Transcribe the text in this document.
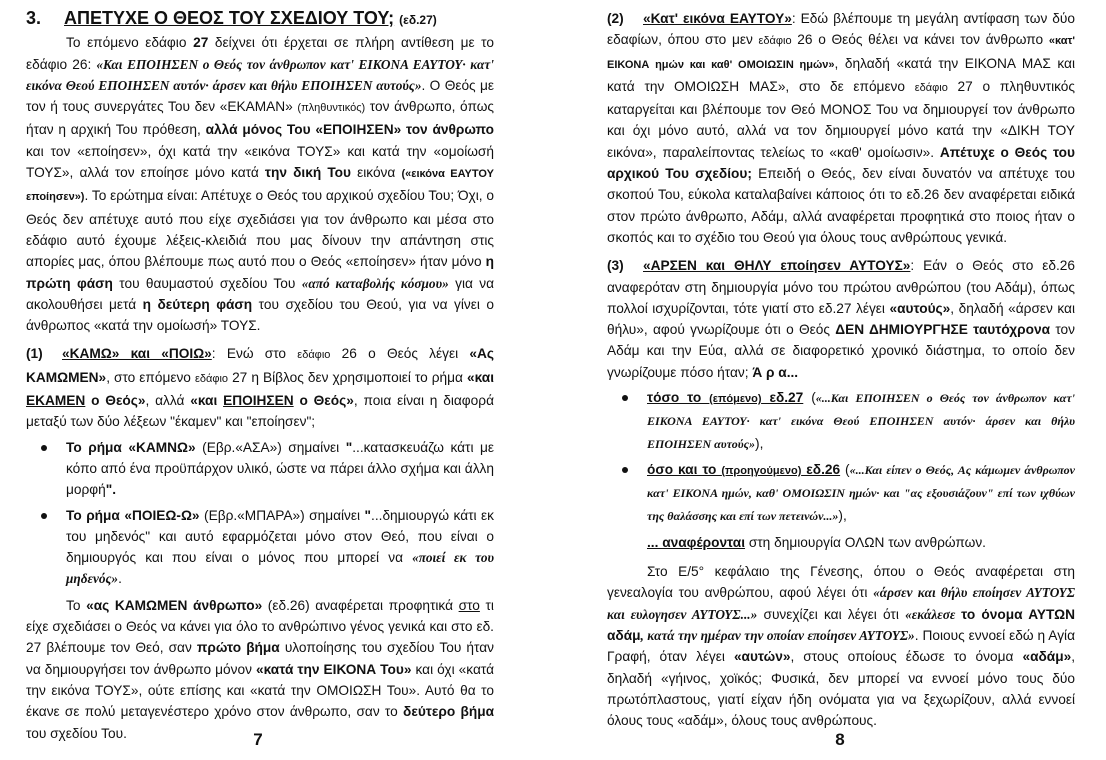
3. ΑΠΕΤΥΧΕ Ο ΘΕΟΣ ΤΟΥ ΣΧΕΔΙΟΥ ΤΟΥ; (εδ.27)

Το επόμενο εδάφιο 27 δείχνει ότι έρχεται σε πλήρη αντίθεση με το εδάφιο 26: «Και ΕΠΟΙΗΣΕΝ ο Θεός τον άνθρωπον κατ' ΕΙΚΟΝΑ ΕΑΥΤΟΥ· κατ' εικόνα Θεού ΕΠΟΙΗΣΕΝ αυτόν· άρσεν και θήλυ ΕΠΟΙΗΣΕΝ αυτούς». Ο Θεός με τον ή τους συνεργάτες Του δεν «ΕΚΑΜΑΝ» (πληθυντικός) τον άνθρωπο, όπως ήταν η αρχική Του πρόθεση, αλλά μόνος Του «ΕΠΟΙΗΣΕΝ» τον άνθρωπο και τον «εποίησεν», όχι κατά την «εικόνα ΤΟΥΣ» και κατά την «ομοίωσή ΤΟΥΣ», αλλά τον εποίησε μόνο κατά την δική Του εικόνα («εικόνα ΕΑΥΤΟΥ εποίησεν»). Το ερώτημα είναι: Απέτυχε ο Θεός του αρχικού σχεδίου Του; Όχι, ο Θεός δεν απέτυχε αυτό που είχε σχεδιάσει για τον άνθρωπο και μέσα στο εδάφιο αυτό έχουμε λέξεις-κλειδιά που μας δίνουν την απάντηση στις απορίες μας, όπου βλέπουμε πως αυτό που ο Θεός «εποίησεν» ήταν μόνο η πρώτη φάση του θαυμαστού σχεδίου Του «από καταβολής κόσμου» για να ακολουθήσει μετά η δεύτερη φάση του σχεδίου του Θεού, για να γίνει ο άνθρωπος «κατά την ομοίωσή» ΤΟΥΣ.

(1) «ΚΑΜΩ» και «ΠΟΙΩ»: Ενώ στο εδάφιο 26 ο Θεός λέγει «Ας ΚΑΜΩΜΕΝ», στο επόμενο εδάφιο 27 η Βίβλος δεν χρησιμοποιεί το ρήμα «και ΕΚΑΜΕΝ ο Θεός», αλλά «και ΕΠΟΙΗΣΕΝ ο Θεός», ποια είναι η διαφορά μεταξύ των δύο λέξεων "έκαμεν" και "εποίησεν";

Το ρήμα «ΚΑΜΝΩ» (Εβρ.«ΑΣΑ») σημαίνει "...κατασκευάζω κάτι με κόπο από ένα προϋπάρχον υλικό, ώστε να πάρει άλλο σχήμα και άλλη μορφή".
Το ρήμα «ΠΟΙΕΩ-Ω» (Εβρ.«ΜΠΑΡΑ») σημαίνει "...δημιουργώ κάτι εκ του μηδενός" και αυτό εφαρμόζεται μόνο στον Θεό, που είναι ο δημιουργός και που είναι ο μόνος που μπορεί να «ποιεί εκ του μηδενός».

Το «ας ΚΑΜΩΜΕΝ άνθρωπο» (εδ.26) αναφέρεται προφητικά στο τι είχε σχεδιάσει ο Θεός να κάνει για όλο το ανθρώπινο γένος γενικά και στο εδ. 27 βλέπουμε τον Θεό, σαν πρώτο βήμα υλοποίησης του σχεδίου Του ήταν να δημιουργήσει τον άνθρωπο μόνον «κατά την ΕΙΚΟΝΑ Του» και όχι «κατά την εικόνα ΤΟΥΣ», ούτε επίσης και «κατά την ΟΜΟΙΩΣΗ Του». Αυτό θα το έκανε σε πολύ μεταγενέστερο χρόνο στον άνθρωπο, σαν το δεύτερο βήμα του σχεδίου Του.	7

(2) «Κατ' εικόνα ΕΑΥΤΟΥ»: Εδώ βλέπουμε τη μεγάλη αντίφαση των δύο εδαφίων, όπου στο μεν εδάφιο 26 ο Θεός θέλει να κάνει τον άνθρωπο «κατ' ΕΙΚΟΝΑ ημών και καθ' ΟΜΟΙΩΣΙΝ ημών», δηλαδή «κατά την ΕΙΚΟΝΑ ΜΑΣ και κατά την ΟΜΟΙΩΣΗ ΜΑΣ», στο δε επόμενο εδάφιο 27 ο πληθυντικός καταργείται και βλέπουμε τον Θεό ΜΟΝΟΣ Του να δημιουργεί τον άνθρωπο και όχι μόνο αυτό, αλλά να τον δημιουργεί μόνο κατά την «ΔΙΚΗ ΤΟΥ εικόνα», παραλείποντας τελείως το «καθ' ομοίωσιν». Απέτυχε ο Θεός του αρχικού Του σχεδίου; Επειδή ο Θεός, δεν είναι δυνατόν να απέτυχε του σκοπού Του, εύκολα καταλαβαίνει κάποιος ότι το εδ.26 δεν αναφέρεται ειδικά στον πρώτο άνθρωπο, Αδάμ, αλλά αναφέρεται προφητικά στο ποιος ήταν ο σκοπός και το σχέδιο του Θεού για όλους τους ανθρώπους γενικά.

(3) «ΑΡΣΕΝ και ΘΗΛΥ εποίησεν ΑΥΤΟΥΣ»: Εάν ο Θεός στο εδ.26 αναφερόταν στη δημιουργία μόνο του πρώτου ανθρώπου (του Αδάμ), όπως πολλοί ισχυρίζονται, τότε γιατί στο εδ.27 λέγει «αυτούς», δηλαδή «άρσεν και θήλυ», αφού γνωρίζουμε ότι ο Θεός ΔΕΝ ΔΗΜΙΟΥΡΓΗΣΕ ταυτόχρονα τον Αδάμ και την Εύα, αλλά σε διαφορετικό χρονικό διάστημα, το οποίο δεν γνωρίζουμε πόσο ήταν; Ά ρ α...

τόσο το (επόμενο) εδ.27 («...Και ΕΠΟΙΗΣΕΝ ο Θεός τον άνθρωπον κατ' ΕΙΚΟΝΑ ΕΑΥΤΟΥ· κατ' εικόνα Θεού ΕΠΟΙΗΣΕΝ αυτόν· άρσεν και θήλυ ΕΠΟΙΗΣΕΝ αυτούς»),
όσο και το (προηγούμενο) εδ.26 («...Και είπεν ο Θεός, Ας κάμωμεν άνθρωπον κατ' ΕΙΚΟΝΑ ημών, καθ' ΟΜΟΙΩΣΙΝ ημών· και "ας εξουσιάζουν" επί των ιχθύων της θαλάσσης και επί των πετεινών...»),

... αναφέρονται στη δημιουργία ΟΛΩΝ των ανθρώπων.

Στο Ε/5° κεφάλαιο της Γένεσης, όπου ο Θεός αναφέρεται στη γενεαλογία του ανθρώπου, αφού λέγει ότι «άρσεν και θήλυ εποίησεν ΑΥΤΟΥΣ και ευλογησεν ΑΥΤΟΥΣ...» συνεχίζει και λέγει ότι «εκάλεσε το όνομα ΑΥΤΩΝ αδάμ, κατά την ημέραν την οποίαν εποίησεν ΑΥΤΟΥΣ». Ποιους εννοεί εδώ η Αγία Γραφή, όταν λέγει «αυτών», στους οποίους έδωσε το όνομα «αδάμ», δηλαδή «γήινος, χοϊκός; Φυσικά, δεν μπορεί να εννοεί μόνο τους δύο πρωτόπλαστους, γιατί είχαν ήδη ονόματα για να ξεχωρίζουν, αλλά εννοεί όλους τους «αδάμ», όλους τους ανθρώπους.

8
